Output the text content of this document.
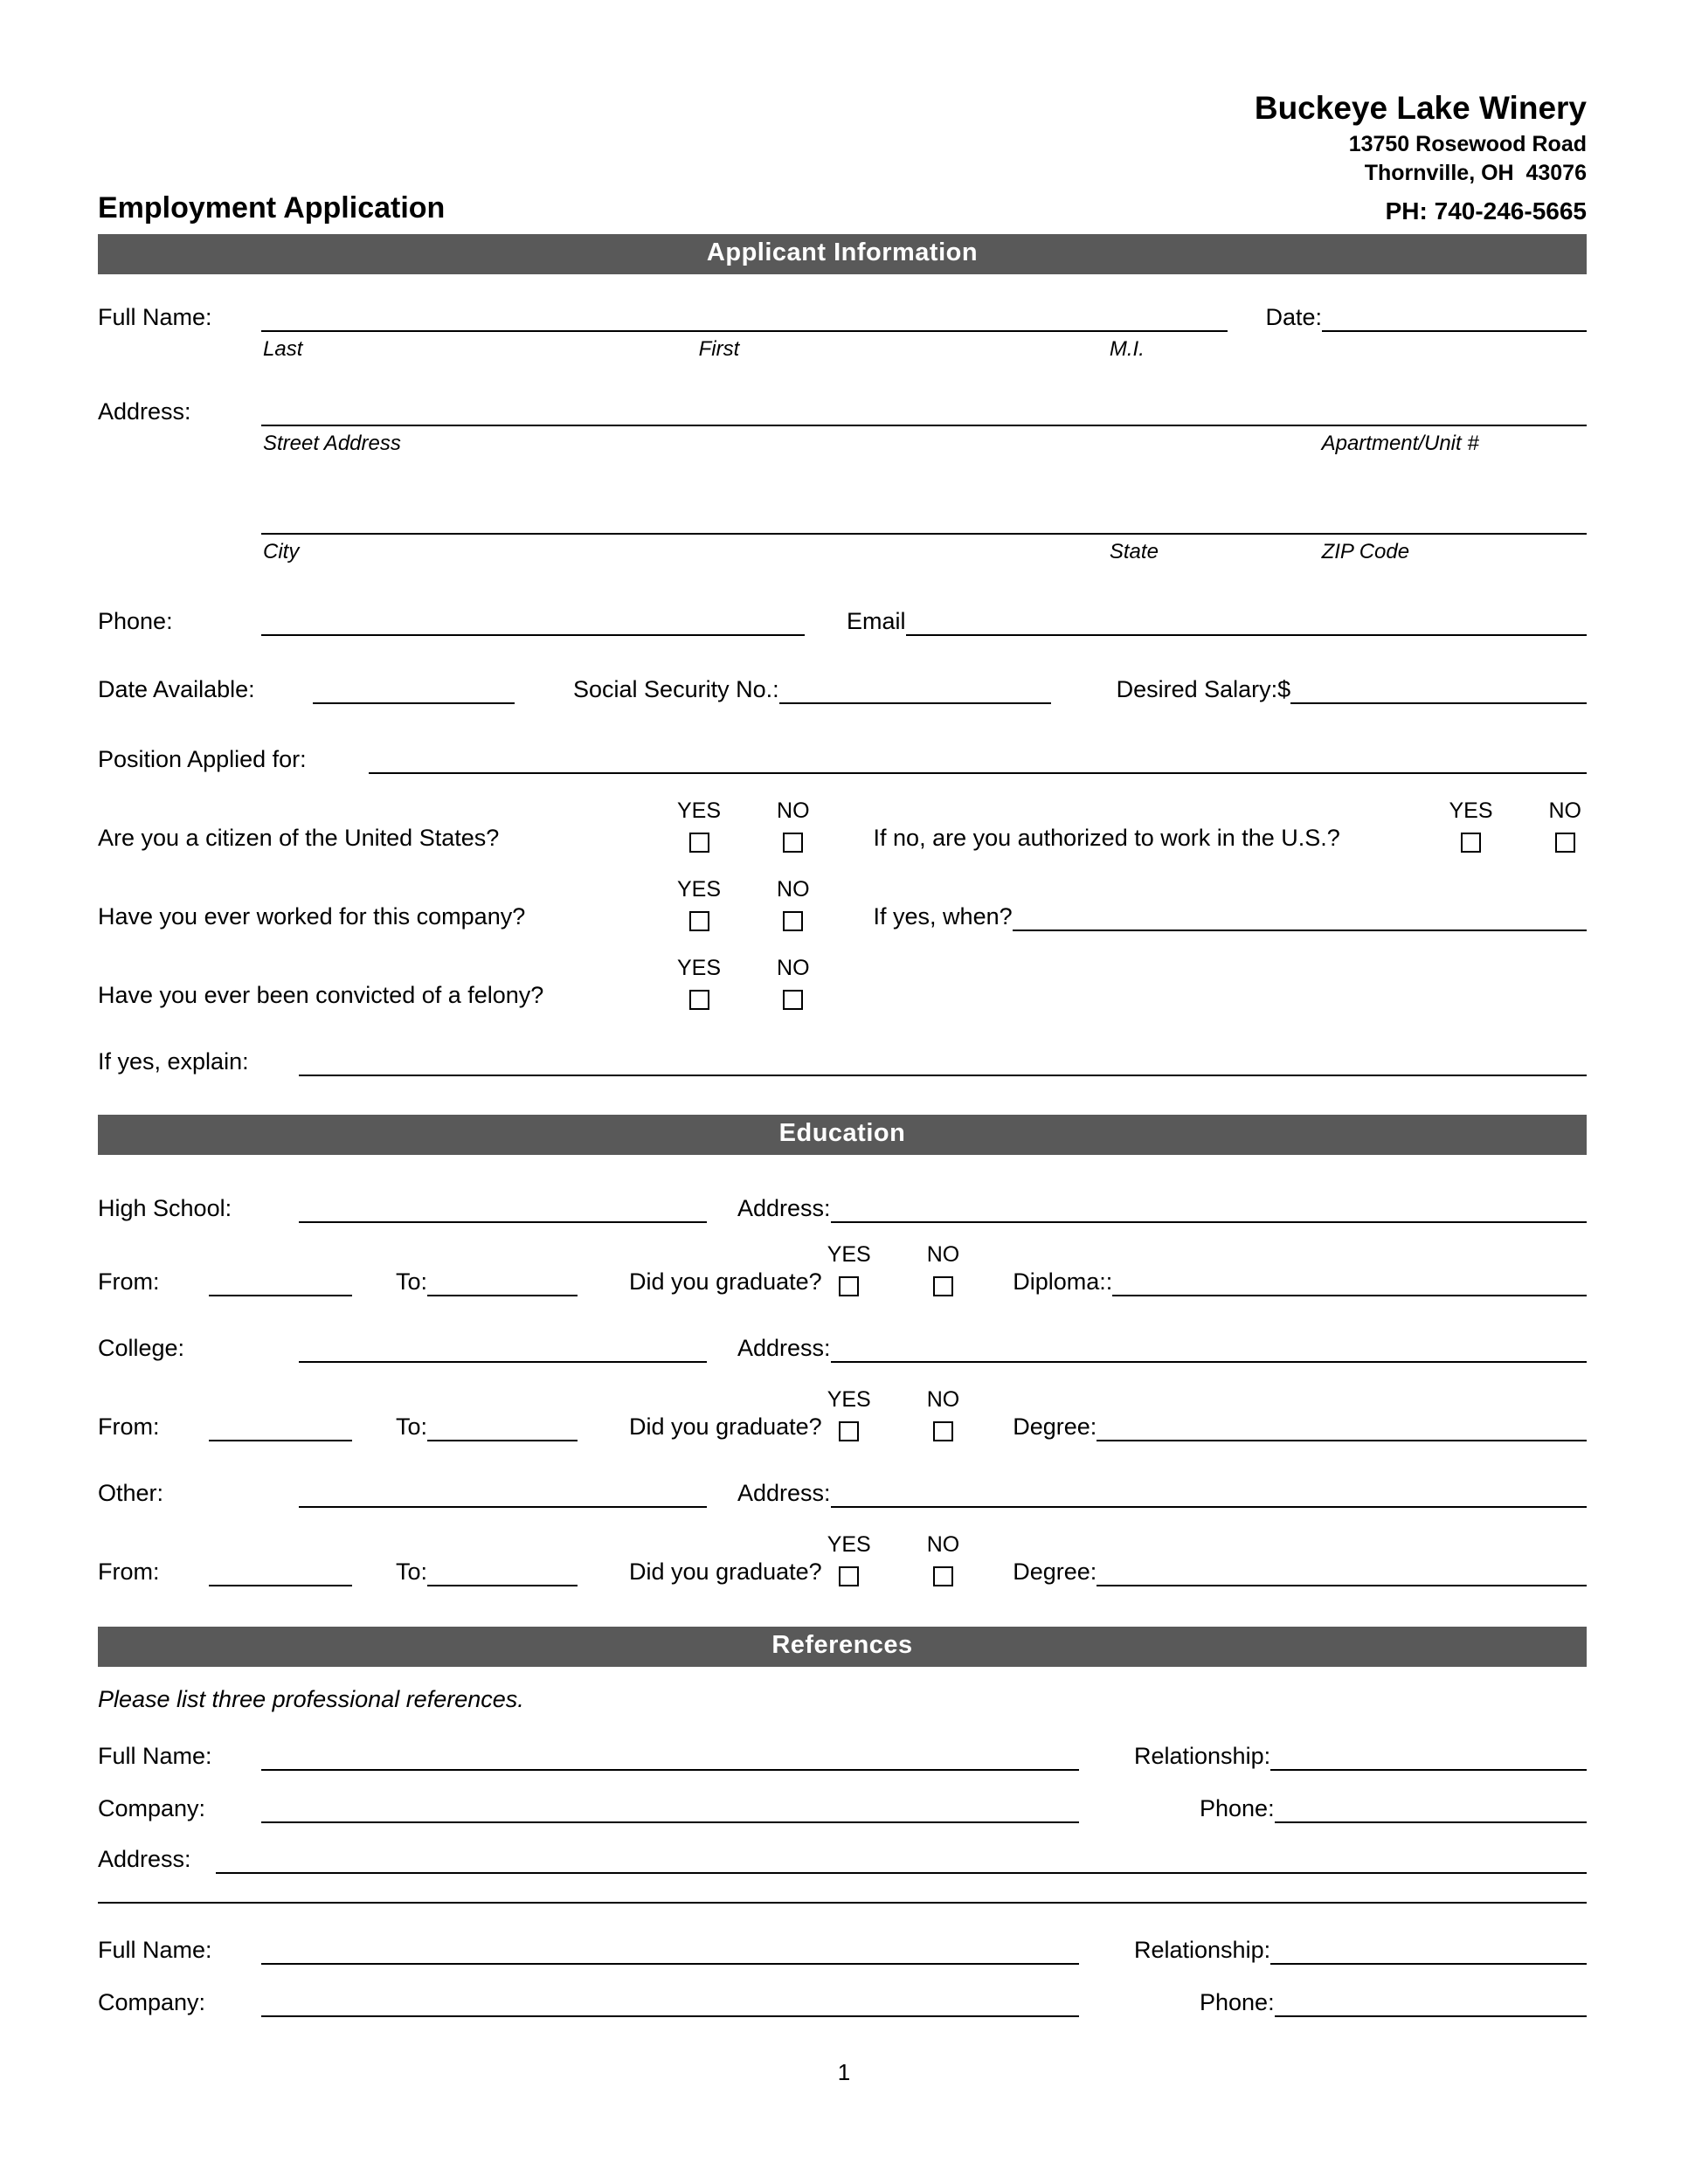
Buckeye Lake Winery
13750 Rosewood Road
Thornville, OH  43076
Employment Application	PH: 740-246-5665
Applicant Information
Full Name:	Date:
Last	First	M.I.
Address:
Street Address	Apartment/Unit #
City	State	ZIP Code
Phone:	Email
Date Available:	Social Security No.:	Desired Salary:$
Position Applied for:
Are you a citizen of the United States?
YES	NO
If no, are you authorized to work in the U.S.?
YES	NO
Have you ever worked for this company?
YES	NO
If yes, when?
Have you ever been convicted of a felony?
YES	NO
If yes, explain:
Education
High School:	Address:
From:	To:	Did you graduate?
YES	NO
Diploma::
College:	Address:
From:	To:	Did you graduate?
YES	NO
Degree:
Other:	Address:
From:	To:	Did you graduate?
YES	NO
Degree:
References

Please list three professional references.

Full Name:	Relationship:
Company:	Phone:
Address:
Full Name:	Relationship:
Company:	Phone:
1
